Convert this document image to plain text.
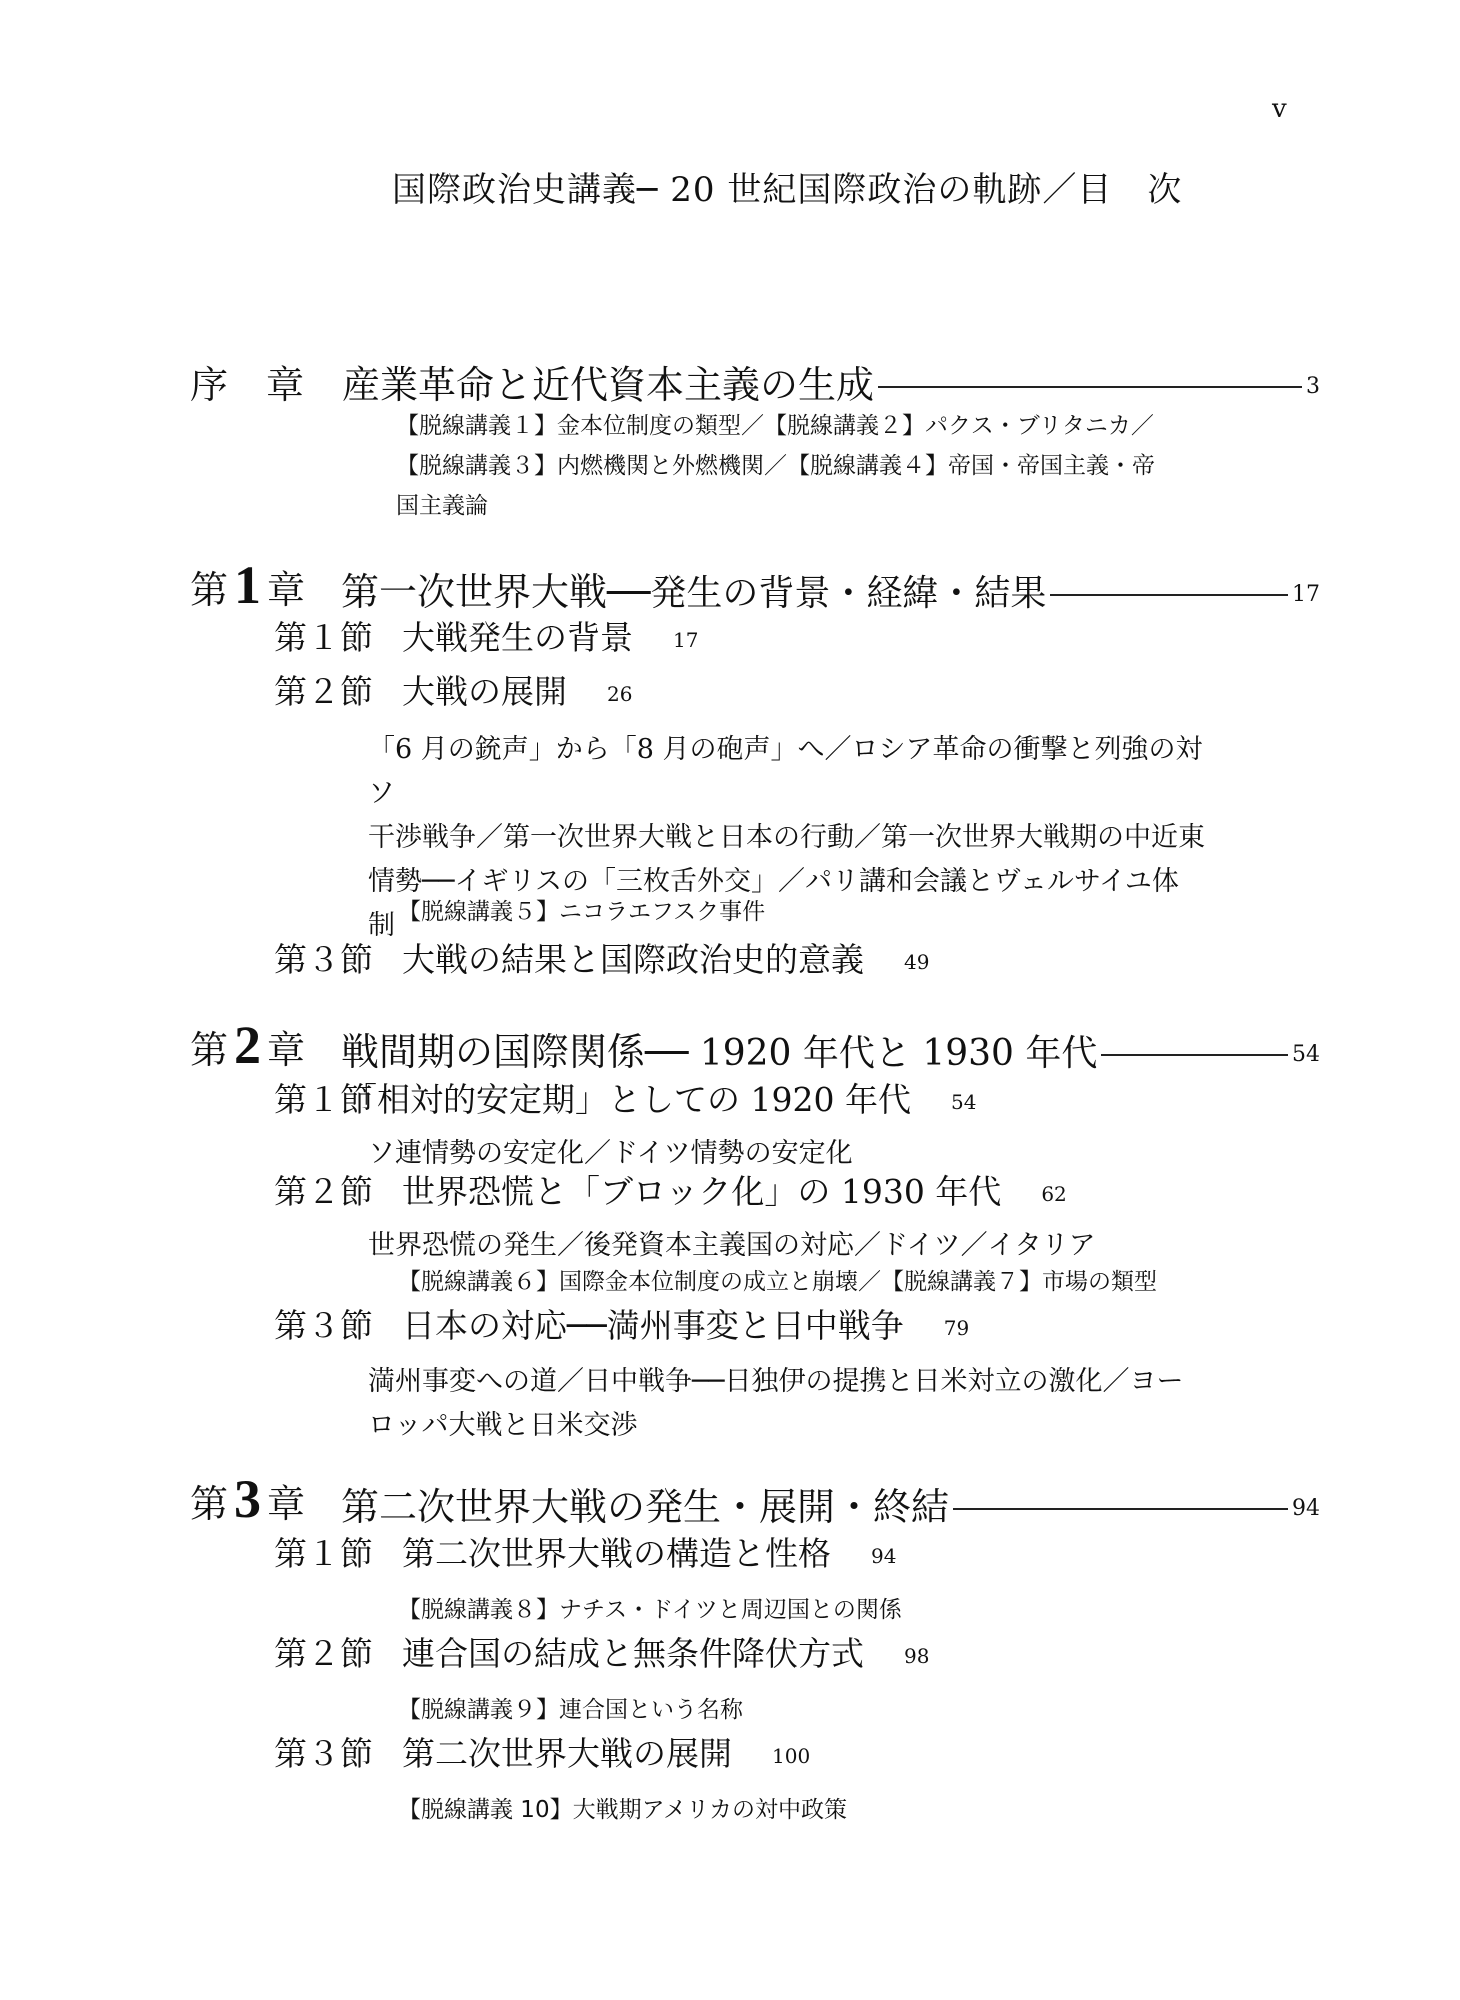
v
国際政治史講義─ 20 世紀国際政治の軌跡／目　次
序　章 産業革命と近代資本主義の生成	3
【脱線講義１】金本位制度の類型／【脱線講義２】パクス・ブリタニカ／
【脱線講義３】内燃機関と外燃機関／【脱線講義４】帝国・帝国主義・帝
国主義論
第 1 章 第一次世界大戦──発生の背景・経緯・結果	17
第１節 大戦発生の背景 17
第２節 大戦の展開 26
「6 月の銃声」から「8 月の砲声」へ／ロシア革命の衝撃と列強の対ソ
干渉戦争／第一次世界大戦と日本の行動／第一次世界大戦期の中近東
情勢──イギリスの「三枚舌外交」／パリ講和会議とヴェルサイユ体
制 【脱線講義５】ニコラエフスク事件
第３節 大戦の結果と国際政治史的意義 49
第 2 章 戦間期の国際関係── 1920 年代と 1930 年代	54
第１節「相対的安定期」としての 1920 年代 54
ソ連情勢の安定化／ドイツ情勢の安定化
第２節 世界恐慌と「ブロック化」の 1930 年代 62
世界恐慌の発生／後発資本主義国の対応／ドイツ／イタリア
【脱線講義６】国際金本位制度の成立と崩壊／【脱線講義７】市場の類型
第３節 日本の対応──満州事変と日中戦争 79
満州事変への道／日中戦争──日独伊の提携と日米対立の激化／ヨー
ロッパ大戦と日米交渉
第 3 章 第二次世界大戦の発生・展開・終結	94
第１節 第二次世界大戦の構造と性格 94
【脱線講義８】ナチス・ドイツと周辺国との関係
第２節 連合国の結成と無条件降伏方式 98
【脱線講義９】連合国という名称
第３節 第二次世界大戦の展開 100
【脱線講義 10】大戦期アメリカの対中政策
